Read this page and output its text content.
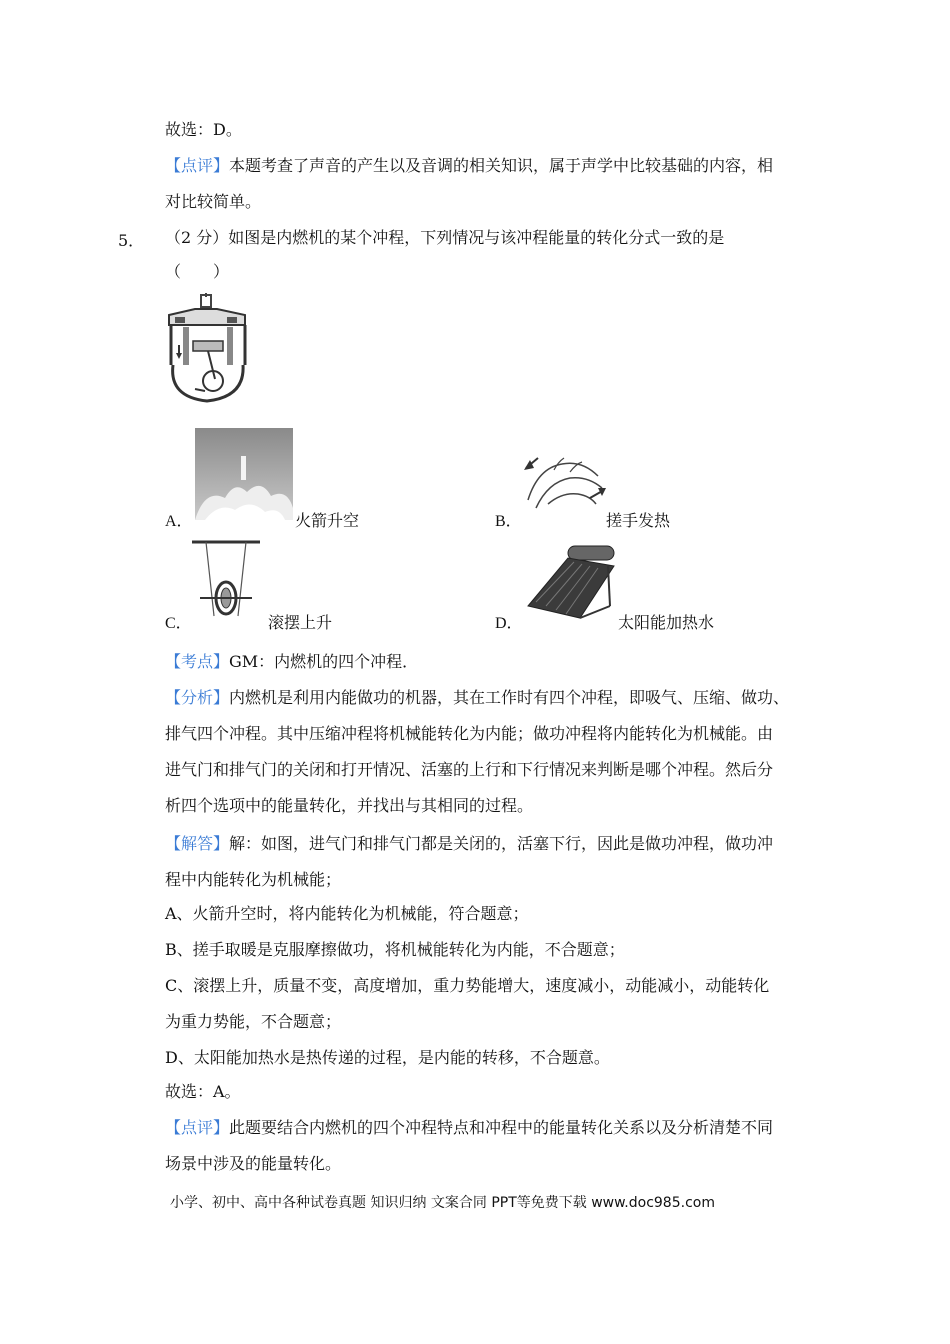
故选：D。
【点评】本题考查了声音的产生以及音调的相关知识，属于声学中比较基础的内容，相
对比较简单。
5． （2 分）如图是内燃机的某个冲程，下列情况与该冲程能量的转化分式一致的是
（　　）
A．	火箭升空	B．	搓手发热
C．	滚摆上升	D．	太阳能加热水
【考点】GM：内燃机的四个冲程．
【分析】内燃机是利用内能做功的机器，其在工作时有四个冲程，即吸气、压缩、做功、
排气四个冲程。其中压缩冲程将机械能转化为内能；做功冲程将内能转化为机械能。由
进气门和排气门的关闭和打开情况、活塞的上行和下行情况来判断是哪个冲程。然后分
析四个选项中的能量转化，并找出与其相同的过程。
【解答】解：如图，进气门和排气门都是关闭的，活塞下行，因此是做功冲程，做功冲
程中内能转化为机械能；
A、火箭升空时，将内能转化为机械能，符合题意；
B、搓手取暖是克服摩擦做功，将机械能转化为内能，不合题意；
C、滚摆上升，质量不变，高度增加，重力势能增大，速度减小，动能减小，动能转化
为重力势能，不合题意；
D、太阳能加热水是热传递的过程，是内能的转移，不合题意。
故选：A。
【点评】此题要结合内燃机的四个冲程特点和冲程中的能量转化关系以及分析清楚不同
场景中涉及的能量转化。
小学、初中、高中各种试卷真题 知识归纳 文案合同 PPT等免费下载 www.doc985.com
